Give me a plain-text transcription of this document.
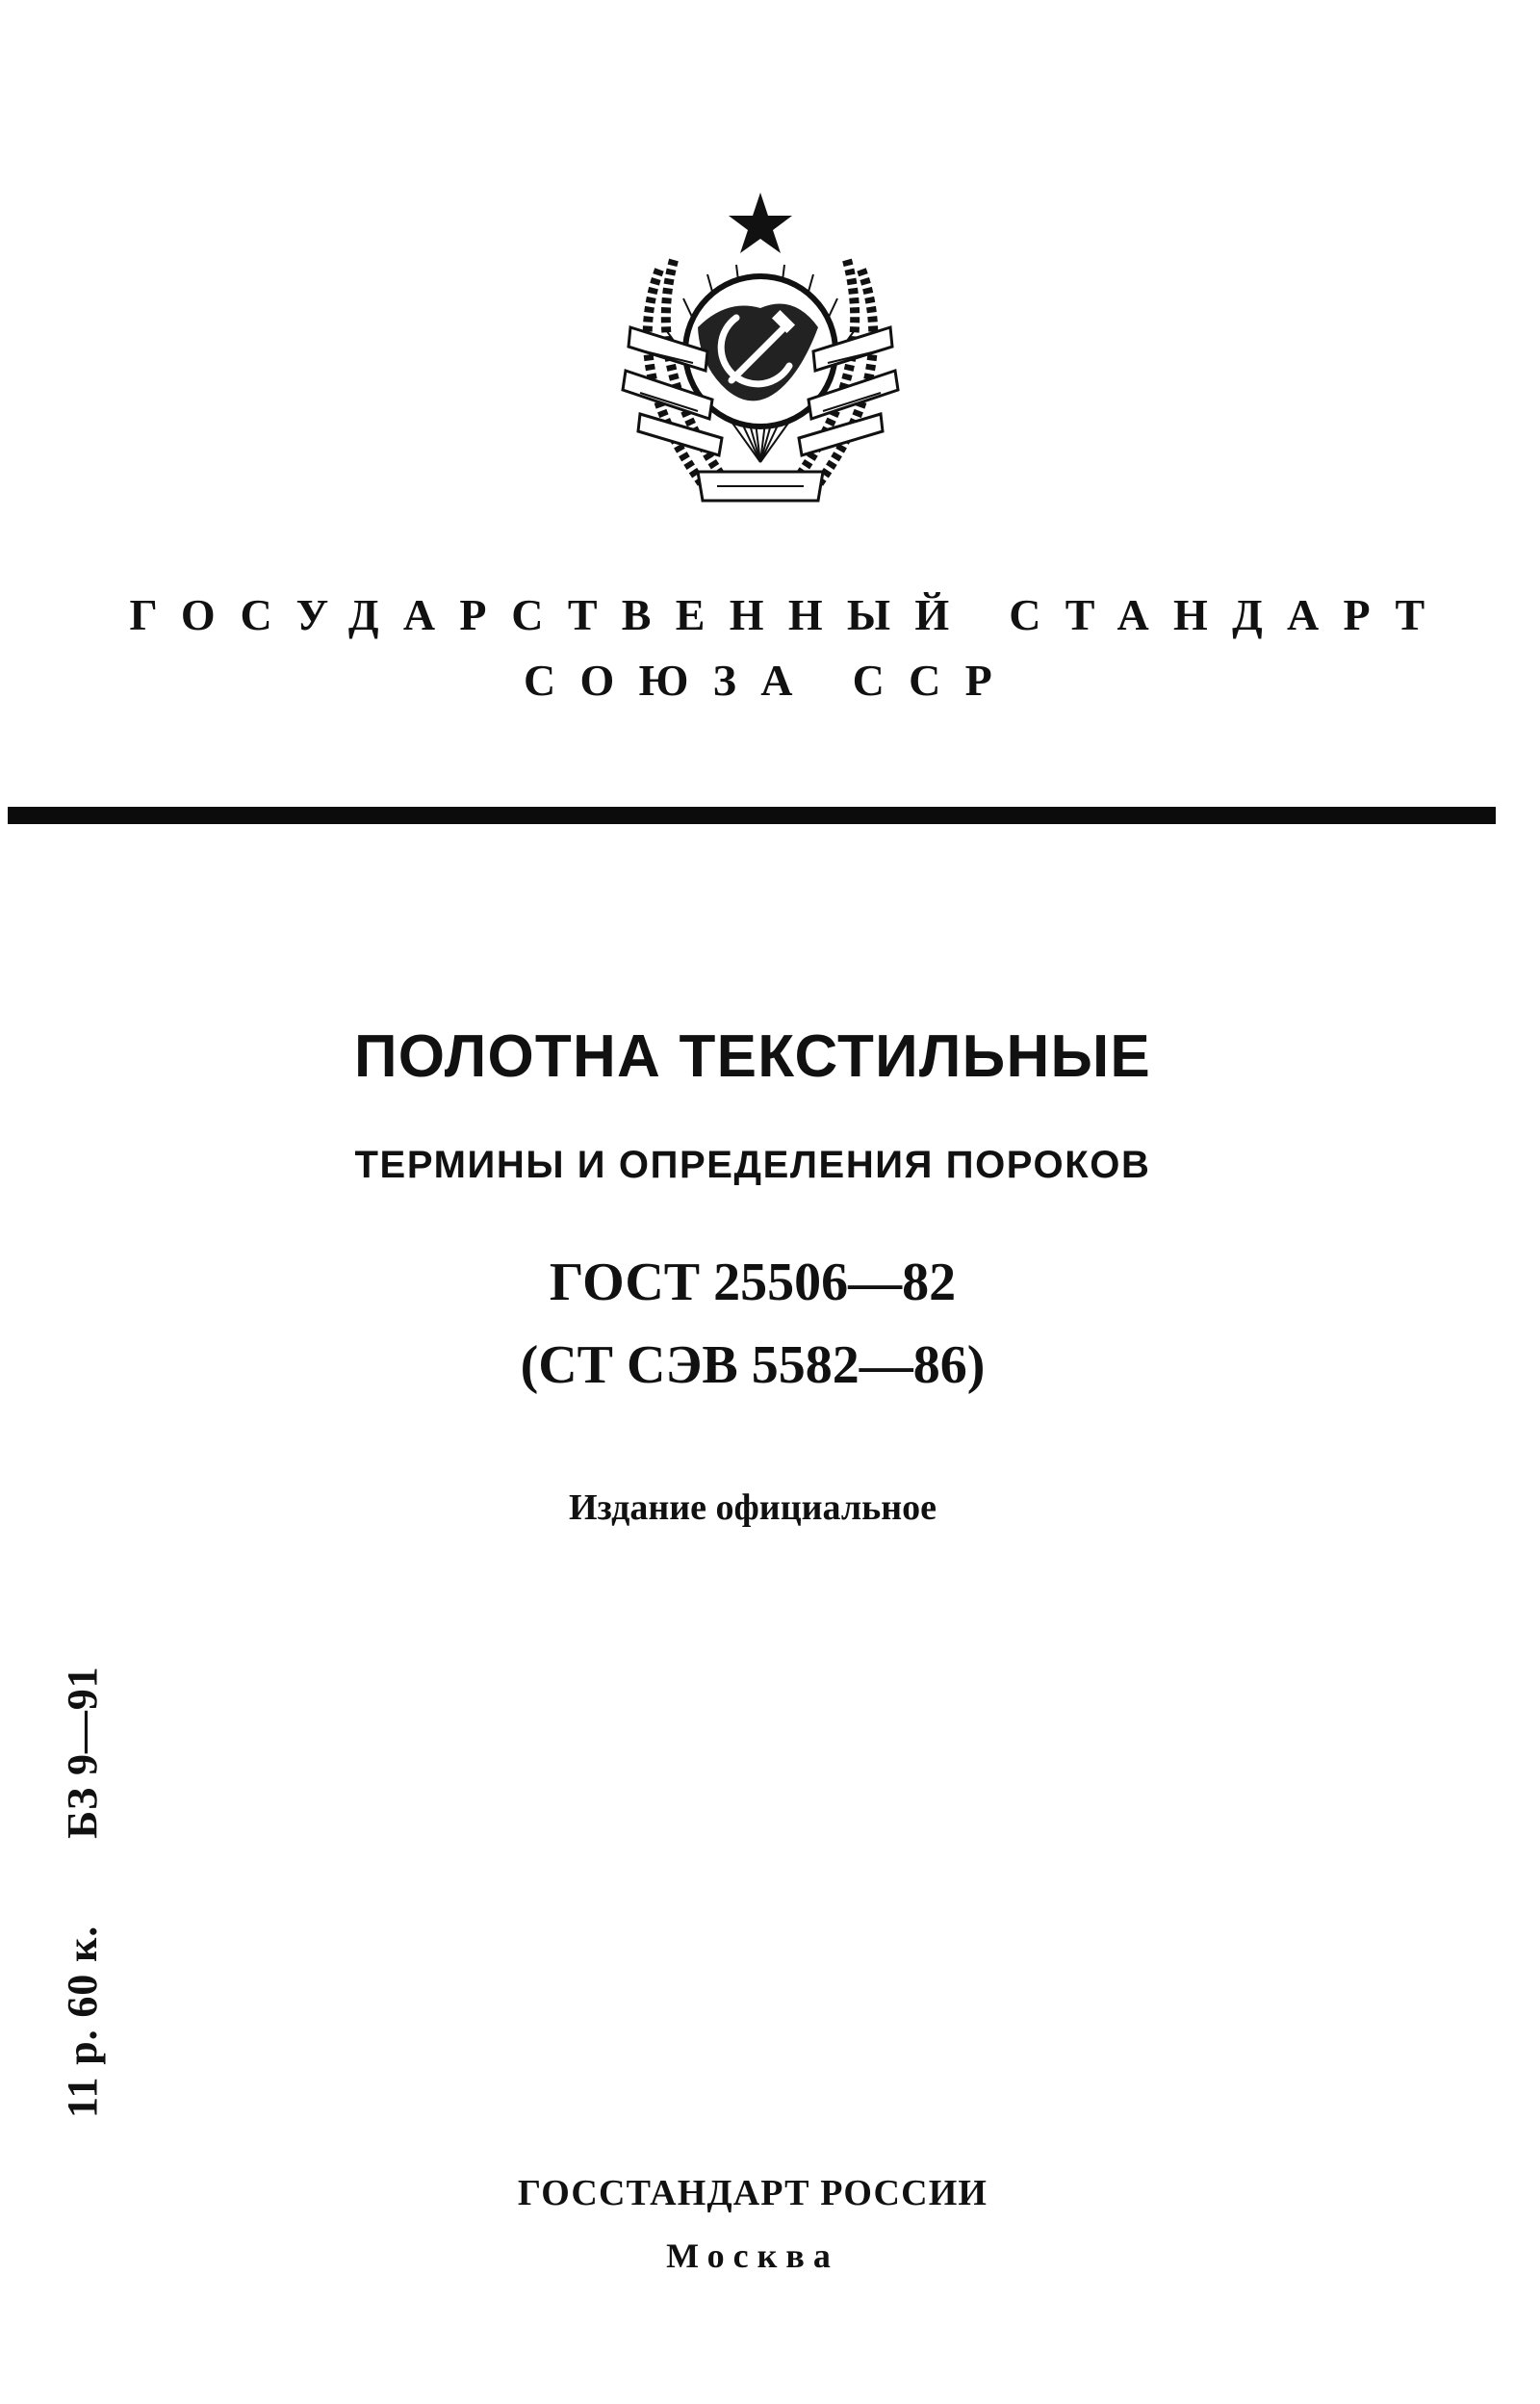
ГОСУДАРСТВЕННЫЙ СТАНДАРТ
СОЮЗА ССР
ПОЛОТНА ТЕКСТИЛЬНЫЕ
ТЕРМИНЫ И ОПРЕДЕЛЕНИЯ ПОРОКОВ
ГОСТ 25506—82
(СТ СЭВ 5582—86)
Издание официальное
11 р. 60 к.БЗ 9—91
ГОССТАНДАРТ РОССИИ
Москва
